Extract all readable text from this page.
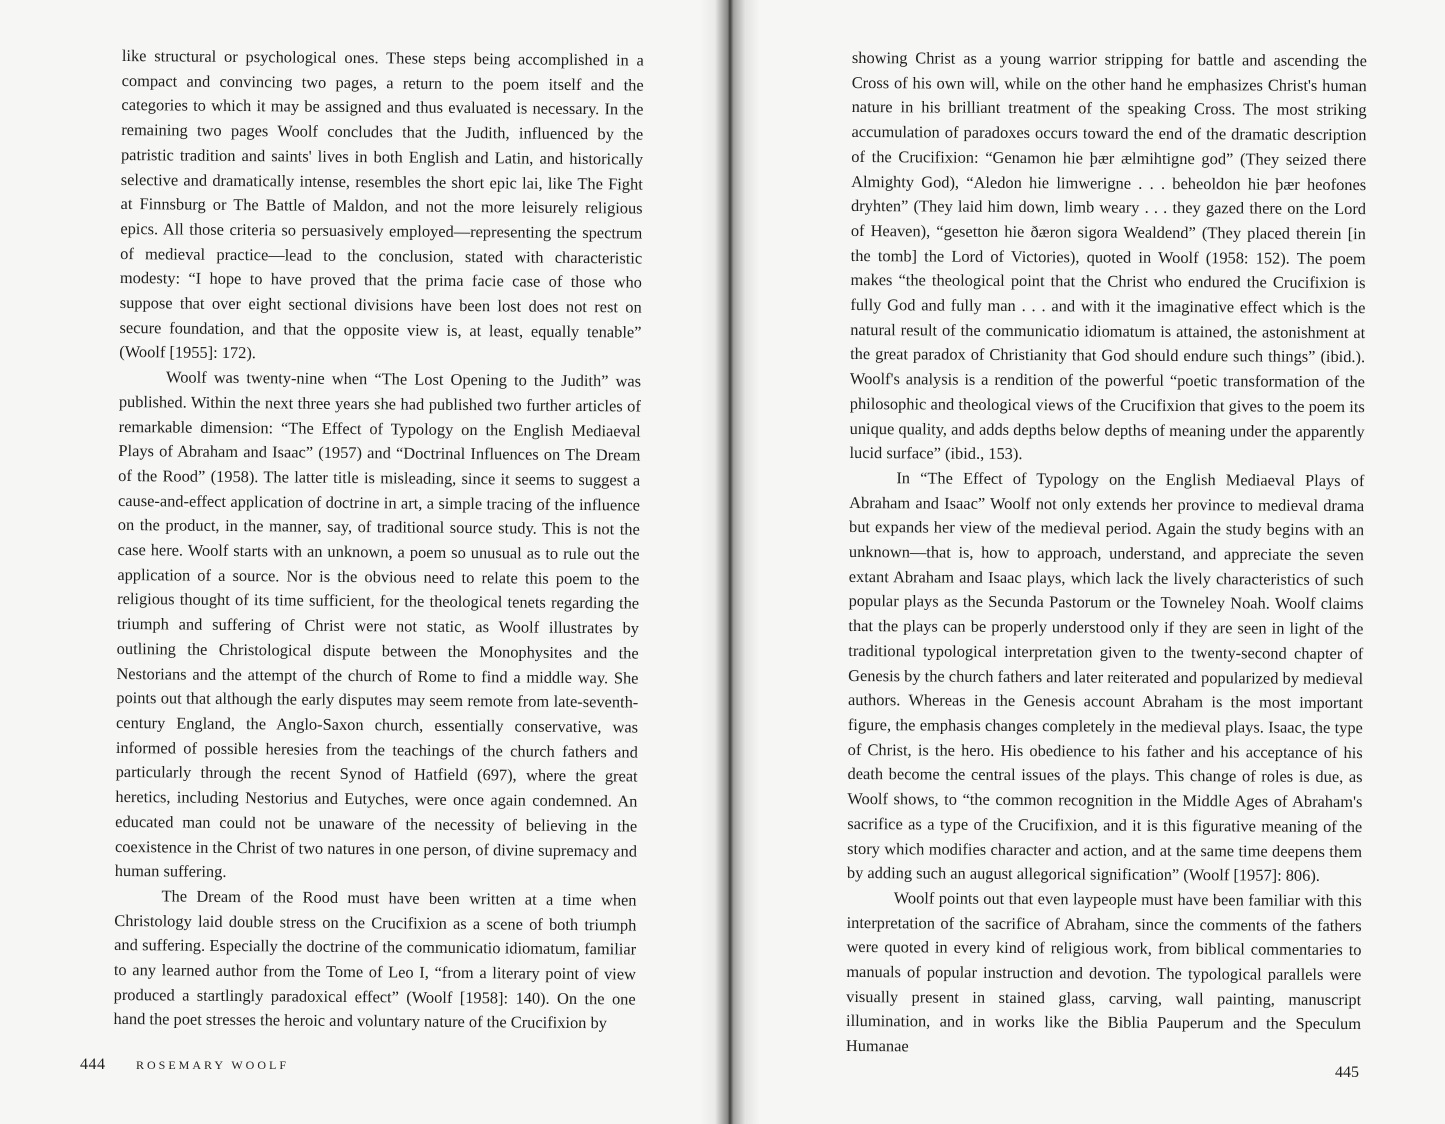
like structural or psychological ones. These steps being accomplished in a compact and convincing two pages, a return to the poem itself and the categories to which it may be assigned and thus evaluated is necessary. In the remaining two pages Woolf concludes that the Judith, influenced by the patristic tradition and saints' lives in both English and Latin, and historically selective and dramatically intense, resembles the short epic lai, like The Fight at Finnsburg or The Battle of Maldon, and not the more leisurely religious epics. All those criteria so persuasively employed—representing the spectrum of medieval practice—lead to the conclusion, stated with characteristic modesty: “I hope to have proved that the prima facie case of those who suppose that over eight sectional divisions have been lost does not rest on secure foundation, and that the opposite view is, at least, equally tenable” (Woolf [1955]: 172).

Woolf was twenty-nine when “The Lost Opening to the Judith” was published. Within the next three years she had published two further articles of remarkable dimension: “The Effect of Typology on the English Mediaeval Plays of Abraham and Isaac” (1957) and “Doctrinal Influences on The Dream of the Rood” (1958). The latter title is misleading, since it seems to suggest a cause-and-effect application of doctrine in art, a simple tracing of the influence on the product, in the manner, say, of traditional source study. This is not the case here. Woolf starts with an unknown, a poem so unusual as to rule out the application of a source. Nor is the obvious need to relate this poem to the religious thought of its time sufficient, for the theological tenets regarding the triumph and suffering of Christ were not static, as Woolf illustrates by outlining the Christological dispute between the Monophysites and the Nestorians and the attempt of the church of Rome to find a middle way. She points out that although the early disputes may seem remote from late-seventh-century England, the Anglo-Saxon church, essentially conservative, was informed of possible heresies from the teachings of the church fathers and particularly through the recent Synod of Hatfield (697), where the great heretics, including Nestorius and Eutyches, were once again condemned. An educated man could not be unaware of the necessity of believing in the coexistence in the Christ of two natures in one person, of divine supremacy and human suffering.

The Dream of the Rood must have been written at a time when Christology laid double stress on the Crucifixion as a scene of both triumph and suffering. Especially the doctrine of the communicatio idiomatum, familiar to any learned author from the Tome of Leo I, “from a literary point of view produced a startlingly paradoxical effect” (Woolf [1958]: 140). On the one hand the poet stresses the heroic and voluntary nature of the Crucifixion by

444	ROSEMARY WOOLF

showing Christ as a young warrior stripping for battle and ascending the Cross of his own will, while on the other hand he emphasizes Christ's human nature in his brilliant treatment of the speaking Cross. The most striking accumulation of paradoxes occurs toward the end of the dramatic description of the Crucifixion: “Genamon hie þær ælmihtigne god” (They seized there Almighty God), “Aledon hie limwerigne . . . beheoldon hie þær heofones dryhten” (They laid him down, limb weary . . . they gazed there on the Lord of Heaven), “gesetton hie ðæron sigora Wealdend” (They placed therein [in the tomb] the Lord of Victories), quoted in Woolf (1958: 152). The poem makes “the theological point that the Christ who endured the Crucifixion is fully God and fully man . . . and with it the imaginative effect which is the natural result of the communicatio idiomatum is attained, the astonishment at the great paradox of Christianity that God should endure such things” (ibid.). Woolf's analysis is a rendition of the powerful “poetic transformation of the philosophic and theological views of the Crucifixion that gives to the poem its unique quality, and adds depths below depths of meaning under the apparently lucid surface” (ibid., 153).

In “The Effect of Typology on the English Mediaeval Plays of Abraham and Isaac” Woolf not only extends her province to medieval drama but expands her view of the medieval period. Again the study begins with an unknown—that is, how to approach, understand, and appreciate the seven extant Abraham and Isaac plays, which lack the lively characteristics of such popular plays as the Secunda Pastorum or the Towneley Noah. Woolf claims that the plays can be properly understood only if they are seen in light of the traditional typological interpretation given to the twenty-second chapter of Genesis by the church fathers and later reiterated and popularized by medieval authors. Whereas in the Genesis account Abraham is the most important figure, the emphasis changes completely in the medieval plays. Isaac, the type of Christ, is the hero. His obedience to his father and his acceptance of his death become the central issues of the plays. This change of roles is due, as Woolf shows, to “the common recognition in the Middle Ages of Abraham's sacrifice as a type of the Crucifixion, and it is this figurative meaning of the story which modifies character and action, and at the same time deepens them by adding such an august allegorical signification” (Woolf [1957]: 806).

Woolf points out that even laypeople must have been familiar with this interpretation of the sacrifice of Abraham, since the comments of the fathers were quoted in every kind of religious work, from biblical commentaries to manuals of popular instruction and devotion. The typological parallels were visually present in stained glass, carving, wall painting, manuscript illumination, and in works like the Biblia Pauperum and the Speculum Humanae

445
